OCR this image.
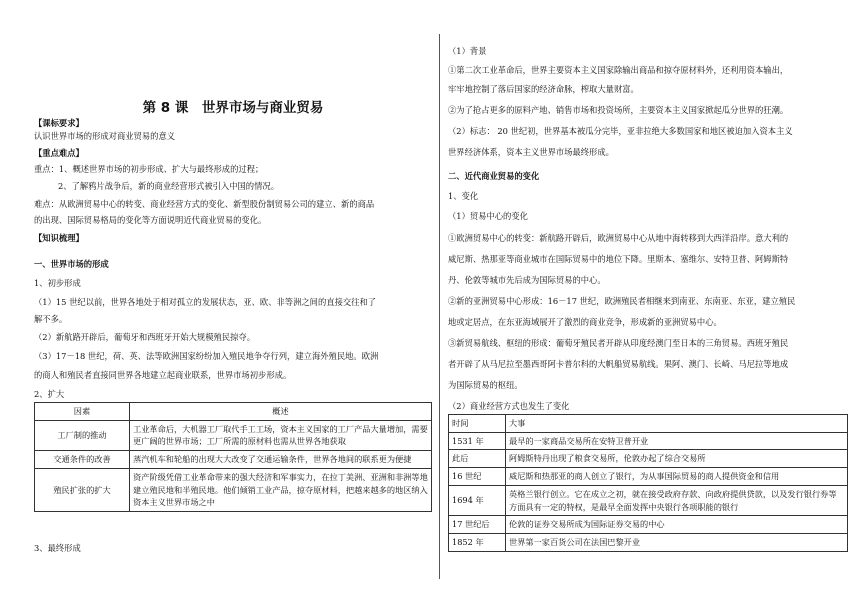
第 8 课　世界市场与商业贸易

【课标要求】

认识世界市场的形成对商业贸易的意义

【重点难点】

重点：1、概述世界市场的初步形成、扩大与最终形成的过程；

2、了解鸦片战争后，新的商业经营形式被引入中国的情况。

难点：从欧洲贸易中心的转变、商业经营方式的变化、新型股份制贸易公司的建立、新的商品

的出现、国际贸易格局的变化等方面说明近代商业贸易的变化。

【知识梳理】

一、世界市场的形成

1、初步形成

（1）15 世纪以前，世界各地处于相对孤立的发展状态，亚、欧、非等洲之间的直接交往和了

解不多。

（2）新航路开辟后，葡萄牙和西班牙开始大规模殖民掠夺。

（3）17－18 世纪，荷、英、法等欧洲国家纷纷加入殖民地争夺行列，建立海外殖民地。欧洲

的商人和殖民者直接同世界各地建立起商业联系，世界市场初步形成。

2、扩大

因素	概述
工厂制的推动	工业革命后，大机器工厂取代手工工场，资本主义国家的工厂产品大量增加，需要更广阔的世界市场；工厂所需的原材料也需从世界各地获取
交通条件的改善	蒸汽机车和轮船的出现大大改变了交通运输条件，世界各地间的联系更为便捷
殖民扩张的扩大	资产阶级凭借工业革命带来的强大经济和军事实力，在拉丁美洲、亚洲和非洲等地建立殖民地和半殖民地。他们倾销工业产品，掠夺原材料，把越来越多的地区纳入资本主义世界市场之中

3、最终形成

（1）背景

①第二次工业革命后，世界主要资本主义国家除输出商品和掠夺原材料外，还利用资本输出，

牢牢地控制了落后国家的经济命脉，榨取大量财富。

②为了抢占更多的原料产地、销售市场和投资场所，主要资本主义国家掀起瓜分世界的狂潮。

（2）标志： 20 世纪初，世界基本被瓜分完毕，亚非拉绝大多数国家和地区被迫加入资本主义

世界经济体系，资本主义世界市场最终形成。

二、近代商业贸易的变化

1、变化

（1）贸易中心的变化

①欧洲贸易中心的转变：新航路开辟后，欧洲贸易中心从地中海转移到大西洋沿岸。意大利的

威尼斯、热那亚等商业城市在国际贸易中的地位下降。里斯本、塞维尔、安特卫普、阿姆斯特

丹、伦敦等城市先后成为国际贸易的中心。

②新的亚洲贸易中心形成：16－17 世纪，欧洲殖民者相继来到南亚、东南亚、东亚，建立殖民

地或定居点，在东亚海域展开了激烈的商业竞争，形成新的亚洲贸易中心。

③新贸易航线、枢纽的形成：葡萄牙殖民者开辟从印度经澳门至日本的三角贸易。西班牙殖民

者开辟了从马尼拉至墨西哥阿卡普尔科的大帆船贸易航线。果阿、澳门、长崎、马尼拉等地成

为国际贸易的枢纽。

（2）商业经营方式也发生了变化

时间	大事
1531 年	最早的一家商品交易所在安特卫普开业
此后	阿姆斯特丹出现了粮食交易所，伦敦办起了综合交易所
16 世纪	威尼斯和热那亚的商人创立了银行，为从事国际贸易的商人提供资金和信用
1694 年	英格兰银行创立。它在成立之初，就在接受政府存款、向政府提供贷款，以及发行银行券等方面具有一定的特权，是最早全面发挥中央银行各项职能的银行
17 世纪后	伦敦的证券交易所成为国际证券交易的中心
1852 年	世界第一家百货公司在法国巴黎开业
